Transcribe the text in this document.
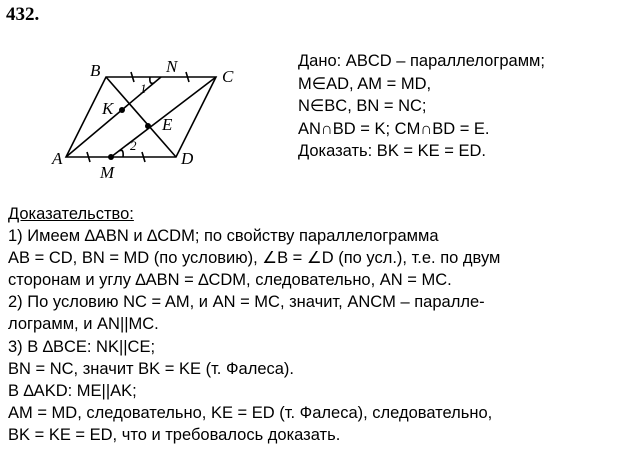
432.
B	N
C
K
E
A	D
M
1
2
Дано: ABCD – параллелограмм;
M∈AD, AM = MD,
N∈BC, BN = NC;
AN∩BD = K; CM∩BD = E.
Доказать: BK = KE = ED.
Доказательство:
1) Имеем ∆ABN и ∆CDM; по свойству параллелограмма
AB = CD, BN = MD (по условию), ∠B = ∠D (по усл.), т.е. по двум
сторонам и углу ∆ABN = ∆CDM, следовательно, AN = MC.
2) По условию NC = AM, и AN = MC, значит, ANCM – паралле-
лограмм, и AN||MC.
3) В ∆BCE: NK||CE;
BN = NC, значит BK = KE (т. Фалеса).
В ∆AKD: ME||AK;
AM = MD, следовательно, KE = ED (т. Фалеса), следовательно,
BK = KE = ED, что и требовалось доказать.
